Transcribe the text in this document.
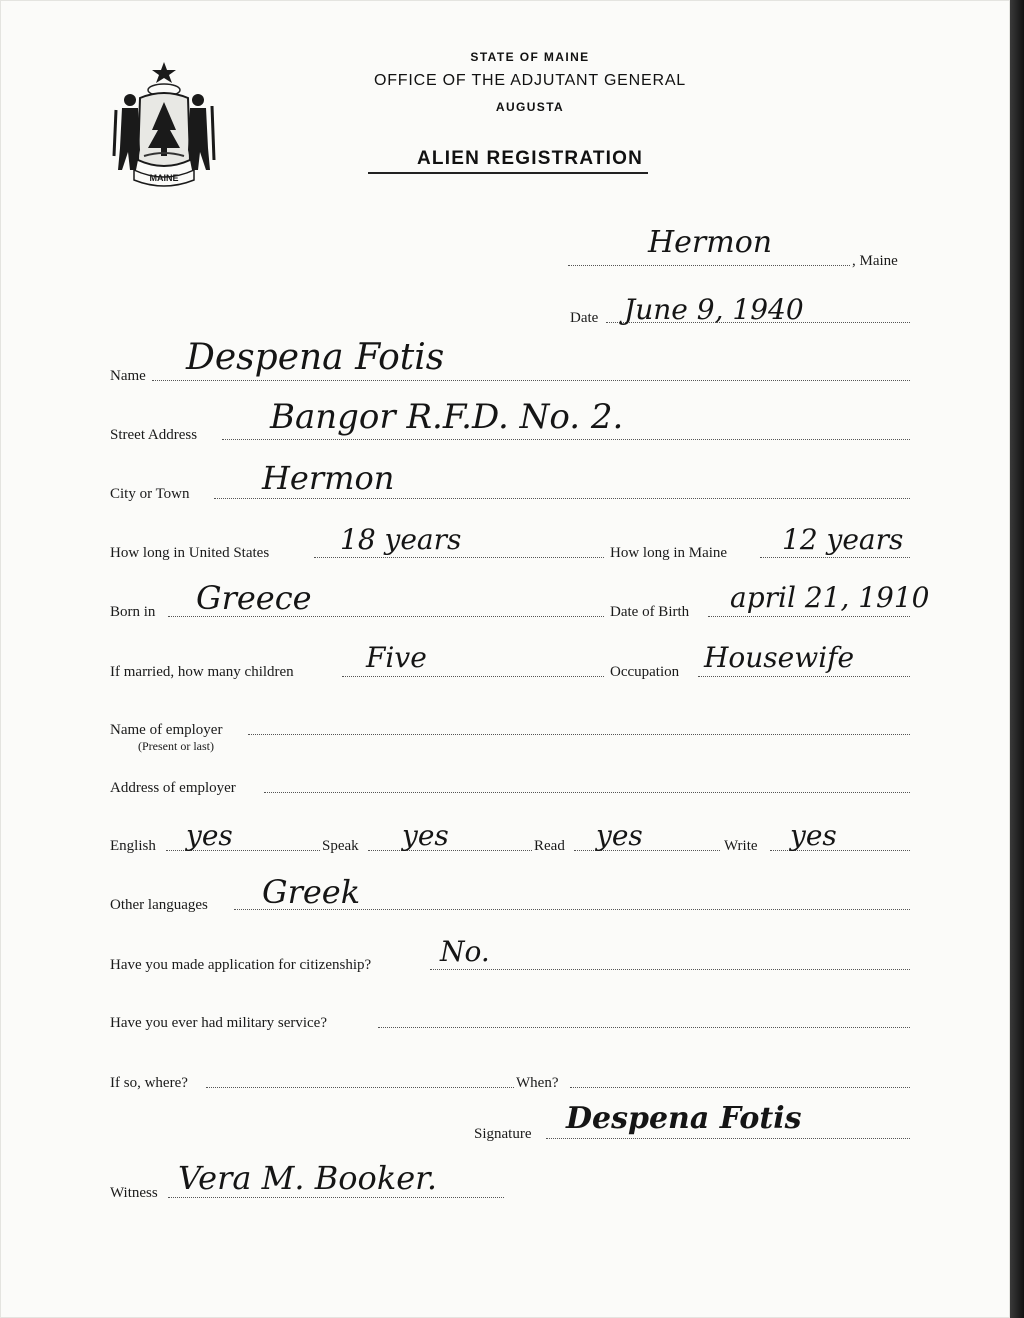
MAINE
STATE OF MAINE
OFFICE OF THE ADJUTANT GENERAL
AUGUSTA
ALIEN REGISTRATION
Hermon
, Maine
Date June 9, 1940
Name Despena Fotis
Street Address Bangor R.F.D. No. 2.
City or Town Hermon
How long in United States	18 years	How long in Maine 12 years
Born in Greece	Date of Birth april 21, 1910
If married, how many children	Five	Occupation Housewife
Name of employer
(Present or last)
Address of employer
English yes	Speak yes	Read yes	Write yes
Other languages Greek
Have you made application for citizenship? No.
Have you ever had military service?
If so, where?	When?
Signature Despena Fotis
Witness Vera M. Booker.
